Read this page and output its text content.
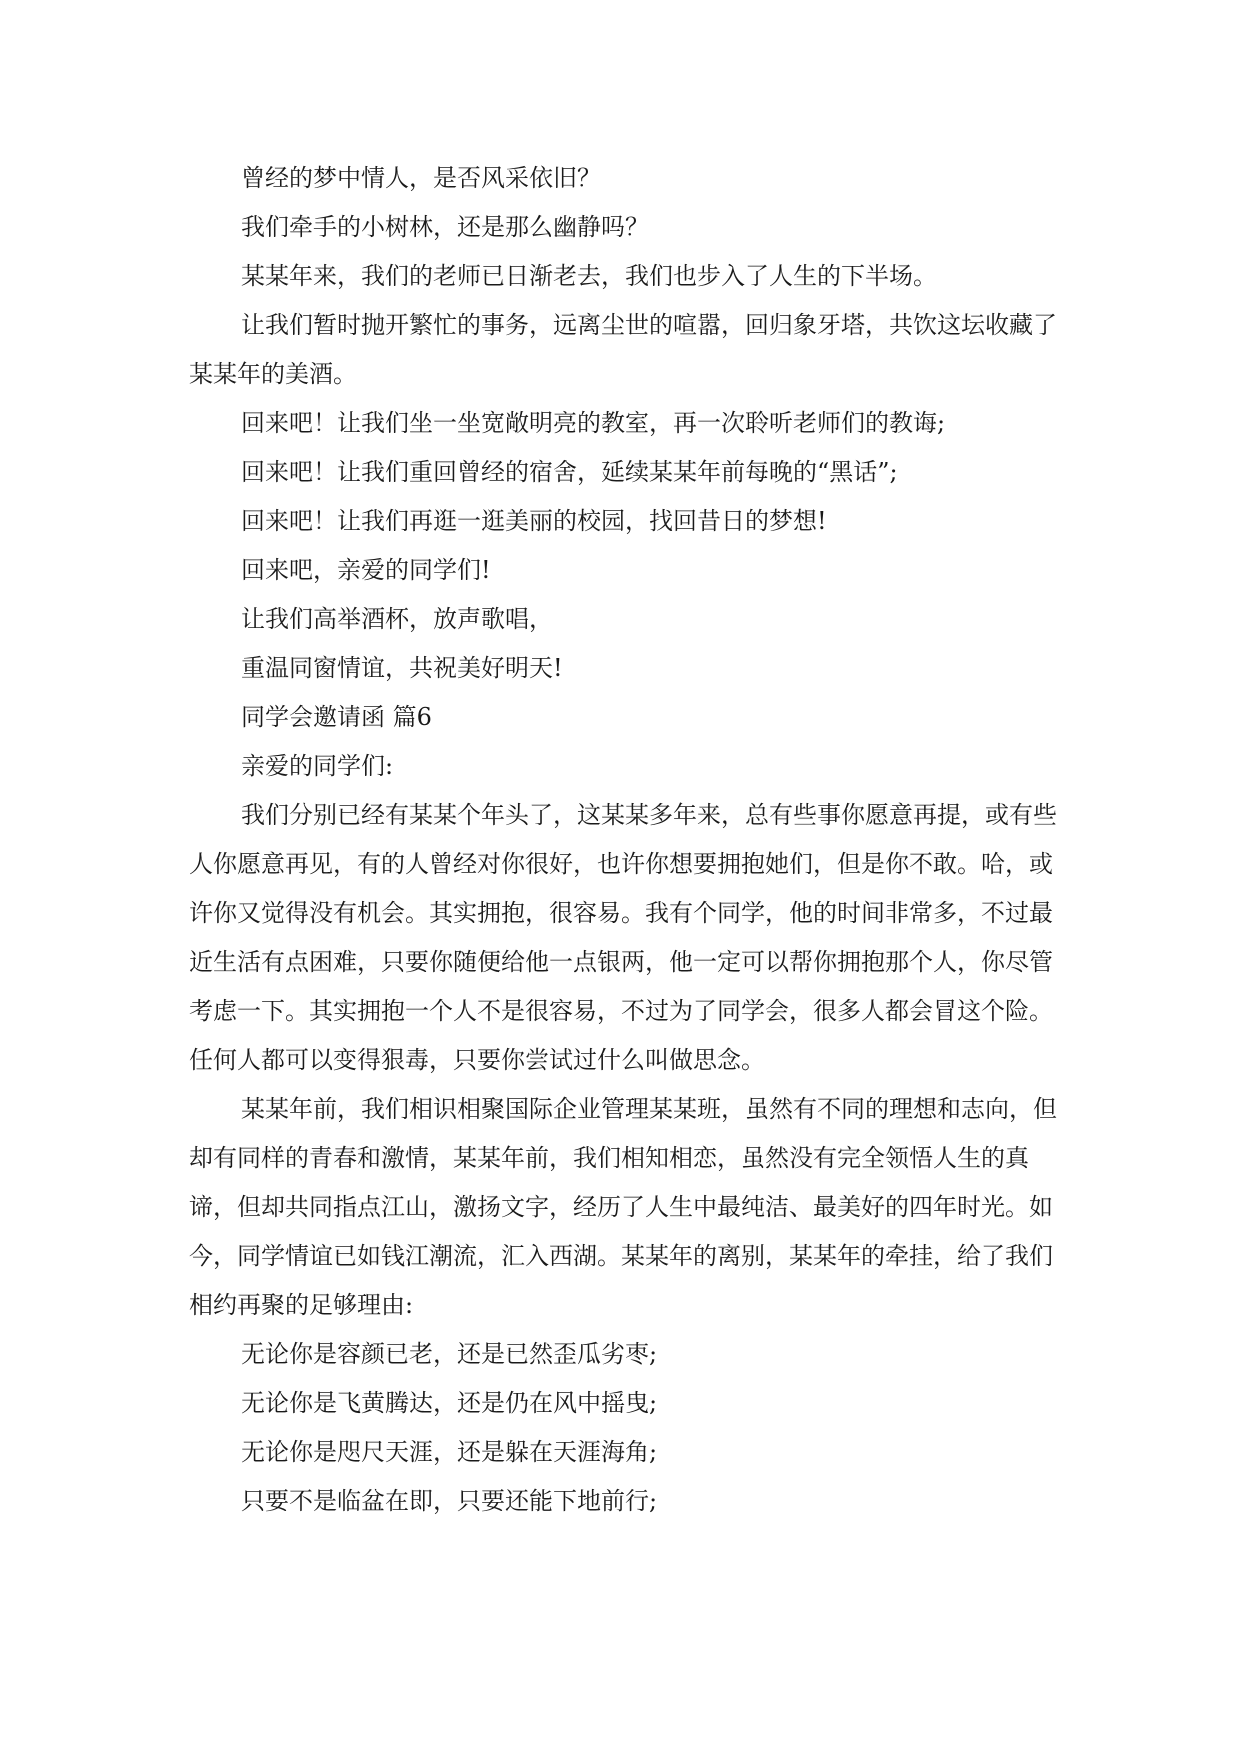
曾经的梦中情人，是否风采依旧？

我们牵手的小树林，还是那么幽静吗？

某某年来，我们的老师已日渐老去，我们也步入了人生的下半场。

让我们暂时抛开繁忙的事务，远离尘世的喧嚣，回归象牙塔，共饮这坛收藏了某某年的美酒。

回来吧！让我们坐一坐宽敞明亮的教室，再一次聆听老师们的教诲;

回来吧！让我们重回曾经的宿舍，延续某某年前每晚的“黑话”;

回来吧！让我们再逛一逛美丽的校园，找回昔日的梦想!

回来吧，亲爱的同学们!

让我们高举酒杯，放声歌唱，

重温同窗情谊，共祝美好明天!

同学会邀请函 篇6

亲爱的同学们:

我们分别已经有某某个年头了，这某某多年来，总有些事你愿意再提，或有些人你愿意再见，有的人曾经对你很好，也许你想要拥抱她们，但是你不敢。哈，或许你又觉得没有机会。其实拥抱，很容易。我有个同学，他的时间非常多，不过最近生活有点困难，只要你随便给他一点银两，他一定可以帮你拥抱那个人，你尽管考虑一下。其实拥抱一个人不是很容易，不过为了同学会，很多人都会冒这个险。 任何人都可以变得狠毒，只要你尝试过什么叫做思念。

某某年前，我们相识相聚国际企业管理某某班，虽然有不同的理想和志向，但却有同样的青春和激情，某某年前，我们相知相恋，虽然没有完全领悟人生的真谛，但却共同指点江山，激扬文字，经历了人生中最纯洁、最美好的四年时光。如今，同学情谊已如钱江潮流，汇入西湖。某某年的离别，某某年的牵挂，给了我们相约再聚的足够理由:

无论你是容颜已老，还是已然歪瓜劣枣;

无论你是飞黄腾达，还是仍在风中摇曳;

无论你是咫尺天涯，还是躲在天涯海角;

只要不是临盆在即，只要还能下地前行;
